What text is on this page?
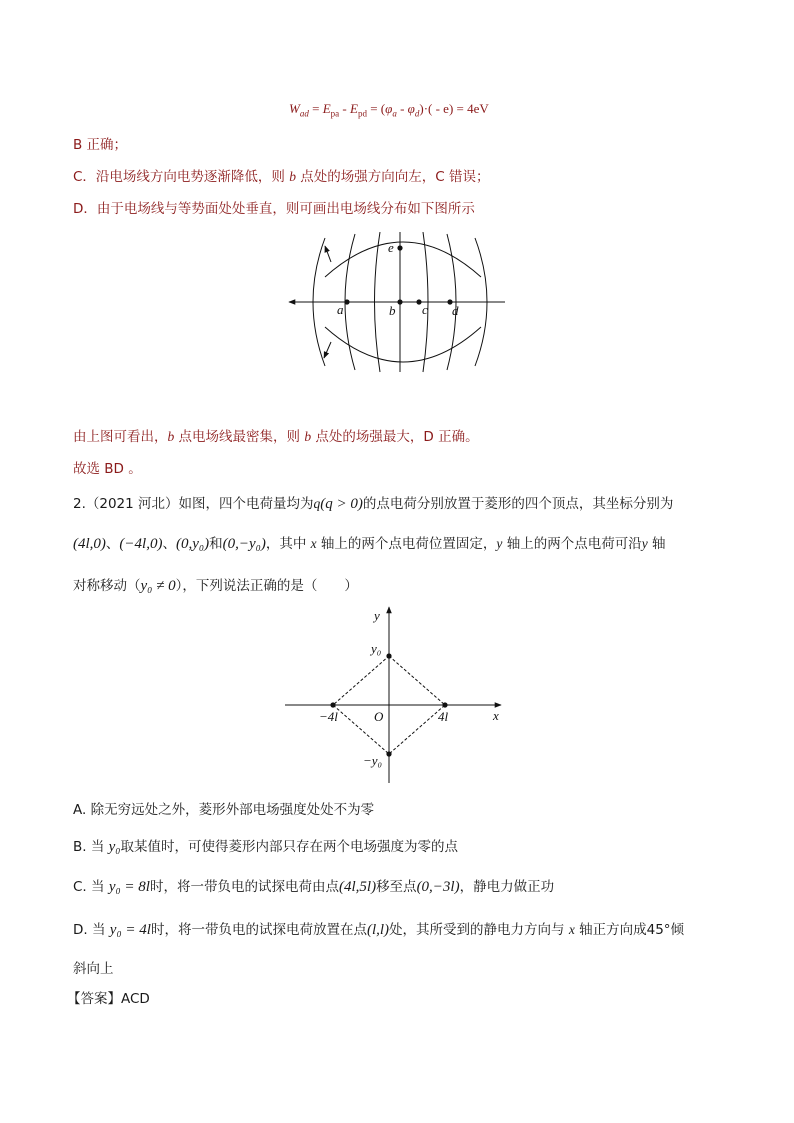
$W_{ad} = E_{pa} - E_{pd} = (\varphi_a - \varphi_d)\cdot( - e) = 4eV$
B 正确；
C．沿电场线方向电势逐渐降低，则 b 点处的场强方向向左，C 错误；
D．由于电场线与等势面处处垂直，则可画出电场线分布如下图所示
e
a	b c d
由上图可看出，b 点电场线最密集，则 b 点处的场强最大，D 正确。
故选 BD 。
2.（2021 河北）如图，四个电荷量均为q(q > 0)的点电荷分别放置于菱形的四个顶点，其坐标分别为
(4l,0)、(−4l,0)、(0,y₀)和(0,−y₀)，其中 x 轴上的两个点电荷位置固定，y 轴上的两个点电荷可沿y 轴
对称移动（y₀ ≠ 0），下列说法正确的是（　　）
y
x
y₀
−y₀
O
−4l	4l
A. 除无穷远处之外，菱形外部电场强度处处不为零
B. 当 y₀取某值时，可使得菱形内部只存在两个电场强度为零的点
C. 当 y₀ = 8l时，将一带负电的试探电荷由点(4l,5l)移至点(0,−3l)，静电力做正功
D. 当 y₀ = 4l时，将一带负电的试探电荷放置在点(l,l)处，其所受到的静电力方向与 x 轴正方向成45°倾
斜向上
【答案】ACD
